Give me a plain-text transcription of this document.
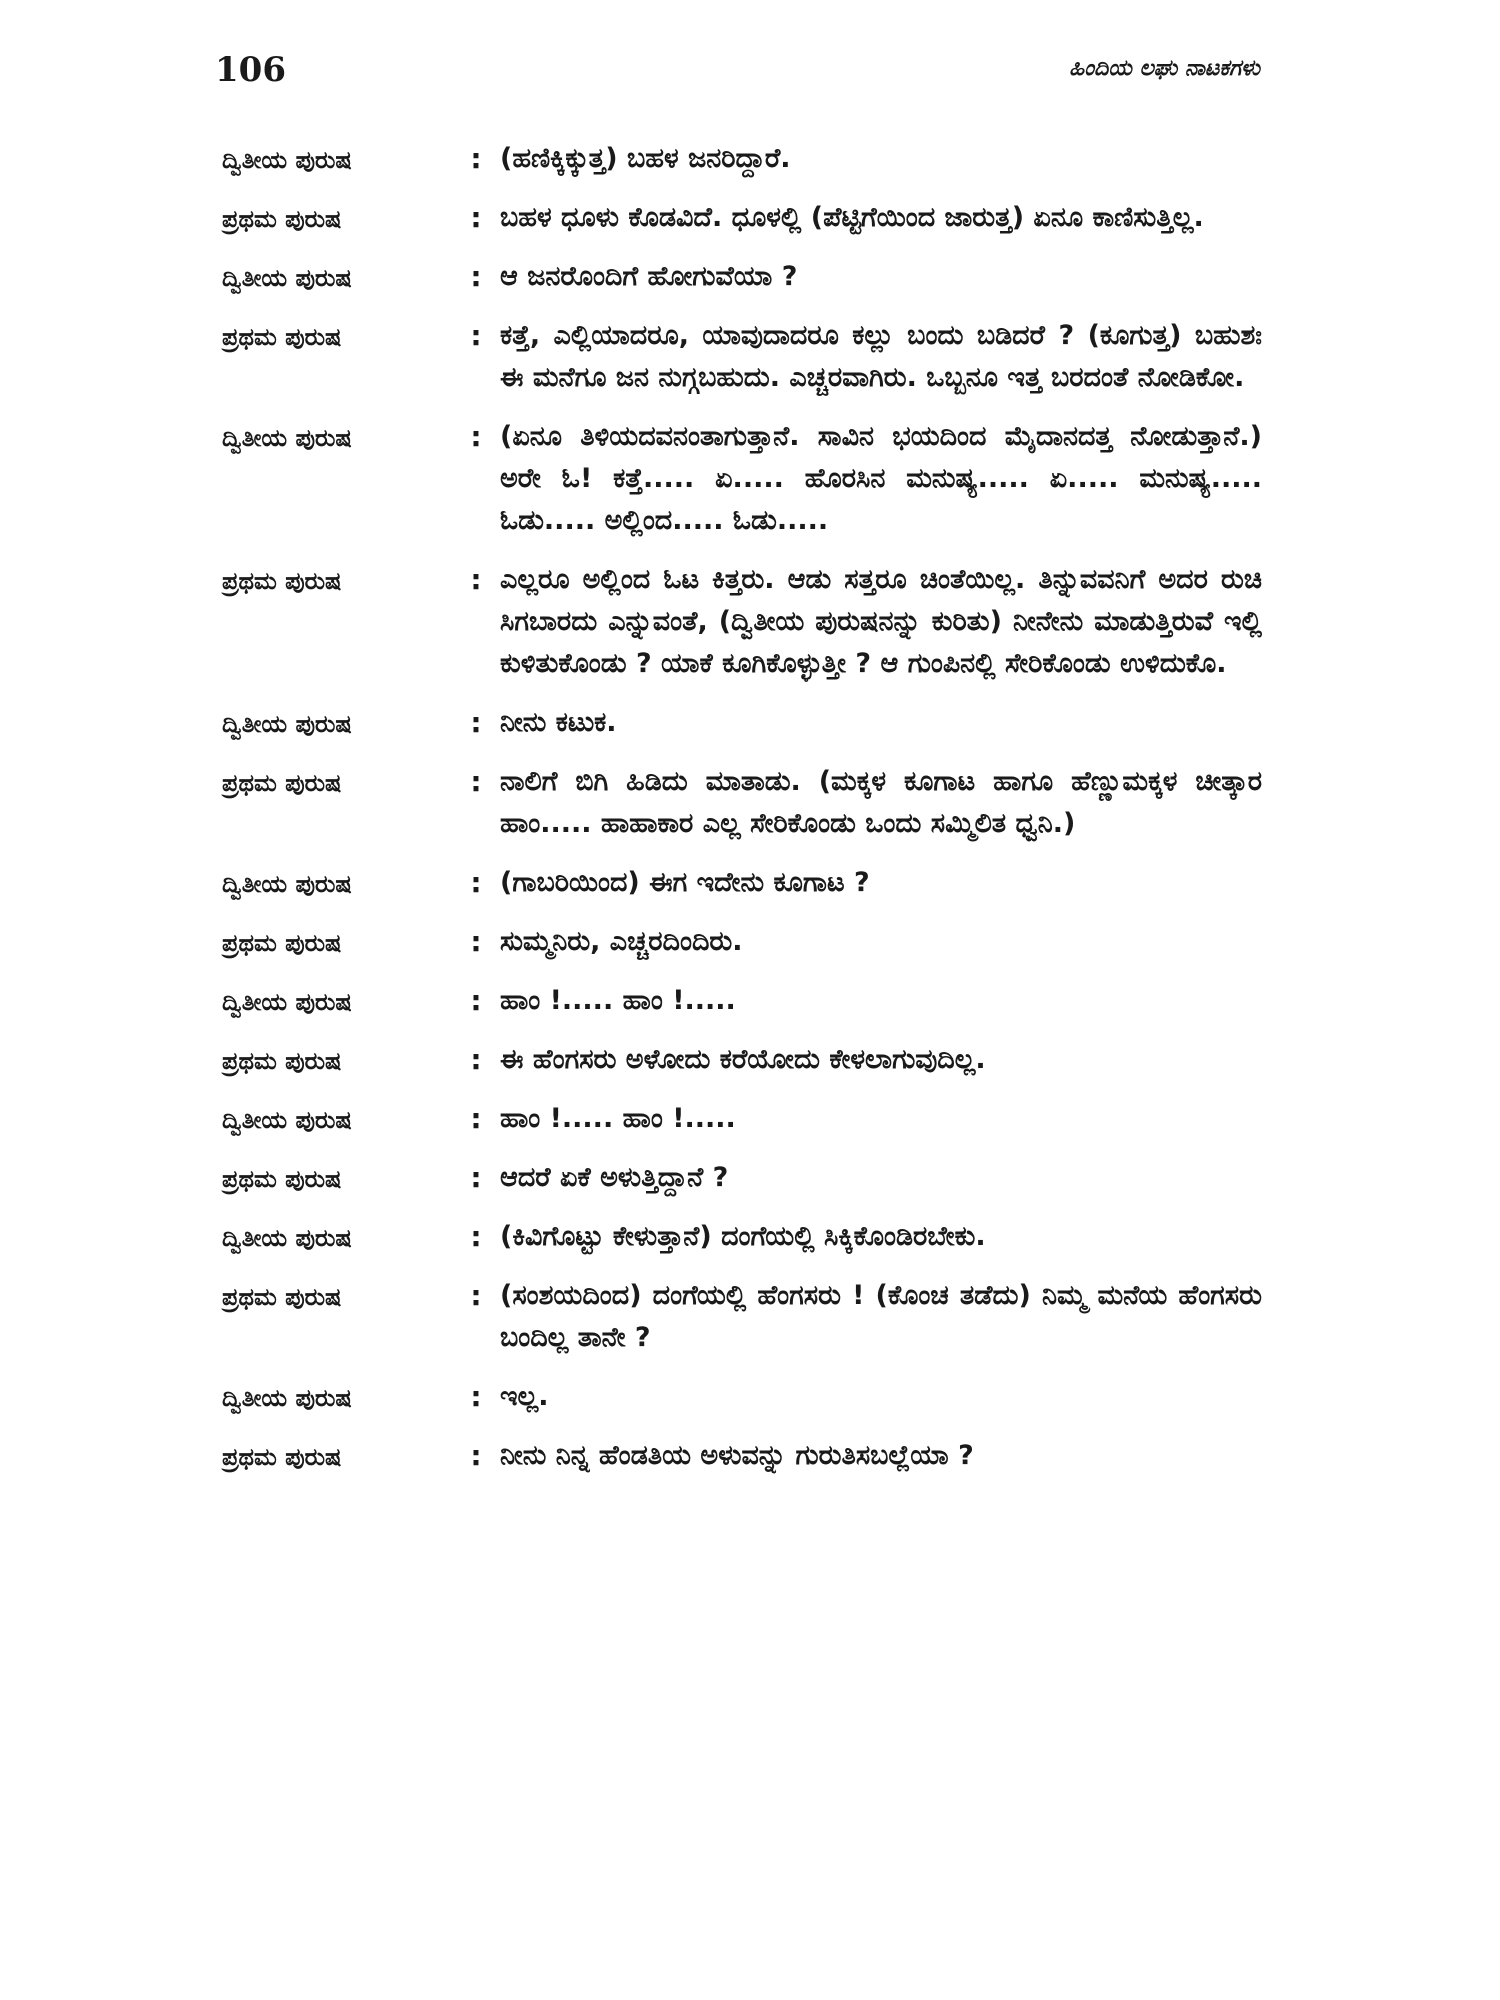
106	ಹಿಂದಿಯ ಲಘು ನಾಟಕಗಳು
ದ್ವಿತೀಯ ಪುರುಷ	: (ಹಣಿಕ್ಕಿಕ್ಕುತ್ತ) ಬಹಳ ಜನರಿದ್ದಾರೆ.
ಪ್ರಥಮ ಪುರುಷ	: ಬಹಳ ಧೂಳು ಕೊಡವಿದೆ. ಧೂಳಲ್ಲಿ (ಪೆಟ್ಟಿಗೆಯಿಂದ ಜಾರುತ್ತ) ಏನೂ ಕಾಣಿಸುತ್ತಿಲ್ಲ.
ದ್ವಿತೀಯ ಪುರುಷ	: ಆ ಜನರೊಂದಿಗೆ ಹೋಗುವೆಯಾ ?
ಪ್ರಥಮ ಪುರುಷ	: ಕತ್ತೆ, ಎಲ್ಲಿಯಾದರೂ, ಯಾವುದಾದರೂ ಕಲ್ಲು ಬಂದು ಬಡಿದರೆ ? (ಕೂಗುತ್ತ) ಬಹುಶಃ ಈ ಮನೆಗೂ ಜನ ನುಗ್ಗಬಹುದು. ಎಚ್ಚರವಾಗಿರು. ಒಬ್ಬನೂ ಇತ್ತ ಬರದಂತೆ ನೋಡಿಕೋ.
ದ್ವಿತೀಯ ಪುರುಷ	: (ಏನೂ ತಿಳಿಯದವನಂತಾಗುತ್ತಾನೆ. ಸಾವಿನ ಭಯದಿಂದ ಮೈದಾನದತ್ತ ನೋಡುತ್ತಾನೆ.) ಅರೇ ಓ! ಕತ್ತೆ..... ಏ..... ಹೊರಸಿನ ಮನುಷ್ಯ..... ಏ..... ಮನುಷ್ಯ..... ಓಡು..... ಅಲ್ಲಿಂದ..... ಓಡು.....
ಪ್ರಥಮ ಪುರುಷ	: ಎಲ್ಲರೂ ಅಲ್ಲಿಂದ ಓಟ ಕಿತ್ತರು. ಆಡು ಸತ್ತರೂ ಚಿಂತೆಯಿಲ್ಲ. ತಿನ್ನುವವನಿಗೆ ಅದರ ರುಚಿ ಸಿಗಬಾರದು ಎನ್ನುವಂತೆ, (ದ್ವಿತೀಯ ಪುರುಷನನ್ನು ಕುರಿತು) ನೀನೇನು ಮಾಡುತ್ತಿರುವೆ ಇಲ್ಲಿ ಕುಳಿತುಕೊಂಡು ? ಯಾಕೆ ಕೂಗಿಕೊಳ್ಳುತ್ತೀ ? ಆ ಗುಂಪಿನಲ್ಲಿ ಸೇರಿಕೊಂಡು ಉಳಿದುಕೊ.
ದ್ವಿತೀಯ ಪುರುಷ	: ನೀನು ಕಟುಕ.
ಪ್ರಥಮ ಪುರುಷ	: ನಾಲಿಗೆ ಬಿಗಿ ಹಿಡಿದು ಮಾತಾಡು. (ಮಕ್ಕಳ ಕೂಗಾಟ ಹಾಗೂ ಹೆಣ್ಣುಮಕ್ಕಳ ಚೀತ್ಕಾರ ಹಾಂ..... ಹಾಹಾಕಾರ ಎಲ್ಲ ಸೇರಿಕೊಂಡು ಒಂದು ಸಮ್ಮಿಲಿತ ಧ್ವನಿ.)
ದ್ವಿತೀಯ ಪುರುಷ	: (ಗಾಬರಿಯಿಂದ) ಈಗ ಇದೇನು ಕೂಗಾಟ ?
ಪ್ರಥಮ ಪುರುಷ	: ಸುಮ್ಮನಿರು, ಎಚ್ಚರದಿಂದಿರು.
ದ್ವಿತೀಯ ಪುರುಷ	: ಹಾಂ !..... ಹಾಂ !.....
ಪ್ರಥಮ ಪುರುಷ	: ಈ ಹೆಂಗಸರು ಅಳೋದು ಕರೆಯೋದು ಕೇಳಲಾಗುವುದಿಲ್ಲ.
ದ್ವಿತೀಯ ಪುರುಷ	: ಹಾಂ !..... ಹಾಂ !.....
ಪ್ರಥಮ ಪುರುಷ	: ಆದರೆ ಏಕೆ ಅಳುತ್ತಿದ್ದಾನೆ ?
ದ್ವಿತೀಯ ಪುರುಷ	: (ಕಿವಿಗೊಟ್ಟು ಕೇಳುತ್ತಾನೆ) ದಂಗೆಯಲ್ಲಿ ಸಿಕ್ಕಿಕೊಂಡಿರಬೇಕು.
ಪ್ರಥಮ ಪುರುಷ	: (ಸಂಶಯದಿಂದ) ದಂಗೆಯಲ್ಲಿ ಹೆಂಗಸರು ! (ಕೊಂಚ ತಡೆದು) ನಿಮ್ಮ ಮನೆಯ ಹೆಂಗಸರು ಬಂದಿಲ್ಲ ತಾನೇ ?
ದ್ವಿತೀಯ ಪುರುಷ	: ಇಲ್ಲ.
ಪ್ರಥಮ ಪುರುಷ	: ನೀನು ನಿನ್ನ ಹೆಂಡತಿಯ ಅಳುವನ್ನು ಗುರುತಿಸಬಲ್ಲೆಯಾ ?
